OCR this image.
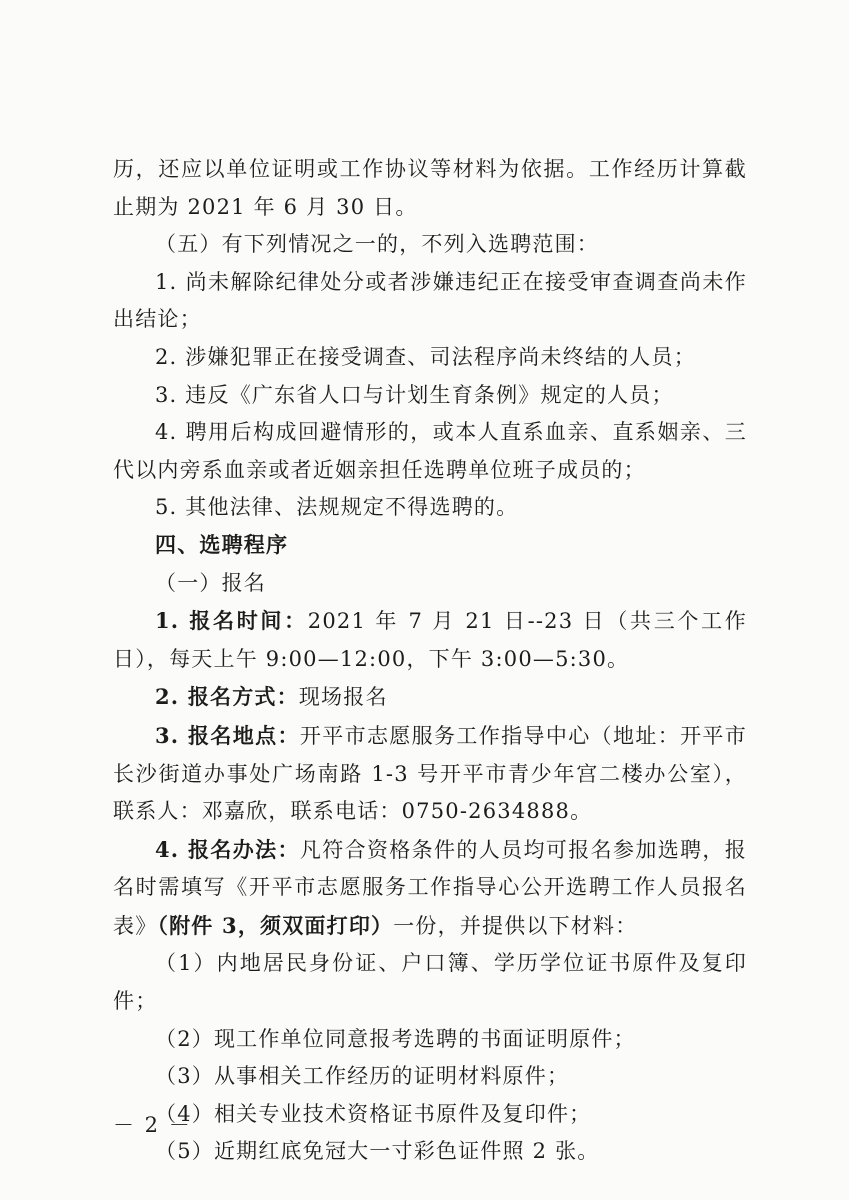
历，还应以单位证明或工作协议等材料为依据。工作经历计算截止期为 2021 年 6 月 30 日。

（五）有下列情况之一的，不列入选聘范围：

1. 尚未解除纪律处分或者涉嫌违纪正在接受审查调查尚未作出结论；

2. 涉嫌犯罪正在接受调查、司法程序尚未终结的人员；

3. 违反《广东省人口与计划生育条例》规定的人员；

4. 聘用后构成回避情形的，或本人直系血亲、直系姻亲、三代以内旁系血亲或者近姻亲担任选聘单位班子成员的；

5. 其他法律、法规规定不得选聘的。

四、选聘程序

（一）报名

1. 报名时间：2021 年 7 月 21 日--23 日（共三个工作日），每天上午 9:00—12:00，下午 3:00—5:30。

2. 报名方式：现场报名

3. 报名地点：开平市志愿服务工作指导中心（地址：开平市长沙街道办事处广场南路 1-3 号开平市青少年宫二楼办公室），联系人：邓嘉欣，联系电话：0750-2634888。

4. 报名办法：凡符合资格条件的人员均可报名参加选聘，报名时需填写《开平市志愿服务工作指导心公开选聘工作人员报名表》（附件 3，须双面打印）一份，并提供以下材料：

（1）内地居民身份证、户口簿、学历学位证书原件及复印件；

（2）现工作单位同意报考选聘的书面证明原件；

（3）从事相关工作经历的证明材料原件；

（4）相关专业技术资格证书原件及复印件；

（5）近期红底免冠大一寸彩色证件照 2 张。

－ 2 －
